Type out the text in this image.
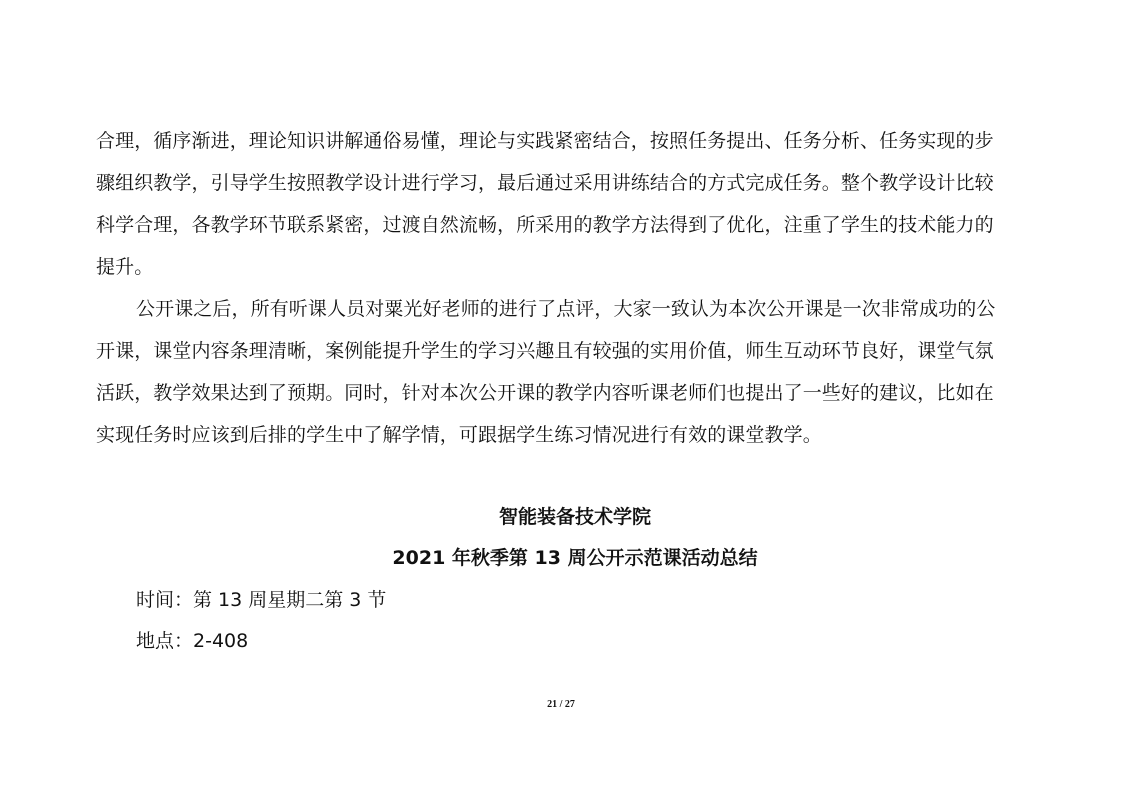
合理，循序渐进，理论知识讲解通俗易懂，理论与实践紧密结合，按照任务提出、任务分析、任务实现的步
骤组织教学，引导学生按照教学设计进行学习，最后通过采用讲练结合的方式完成任务。整个教学设计比较
科学合理，各教学环节联系紧密，过渡自然流畅，所采用的教学方法得到了优化，注重了学生的技术能力的
提升。
公开课之后，所有听课人员对粟光好老师的进行了点评，大家一致认为本次公开课是一次非常成功的公
开课，课堂内容条理清晰，案例能提升学生的学习兴趣且有较强的实用价值，师生互动环节良好，课堂气氛
活跃，教学效果达到了预期。同时，针对本次公开课的教学内容听课老师们也提出了一些好的建议，比如在
实现任务时应该到后排的学生中了解学情，可跟据学生练习情况进行有效的课堂教学。
智能装备技术学院
2021 年秋季第 13 周公开示范课活动总结
时间：第 13 周星期二第 3 节
地点：2-408
21 / 27
